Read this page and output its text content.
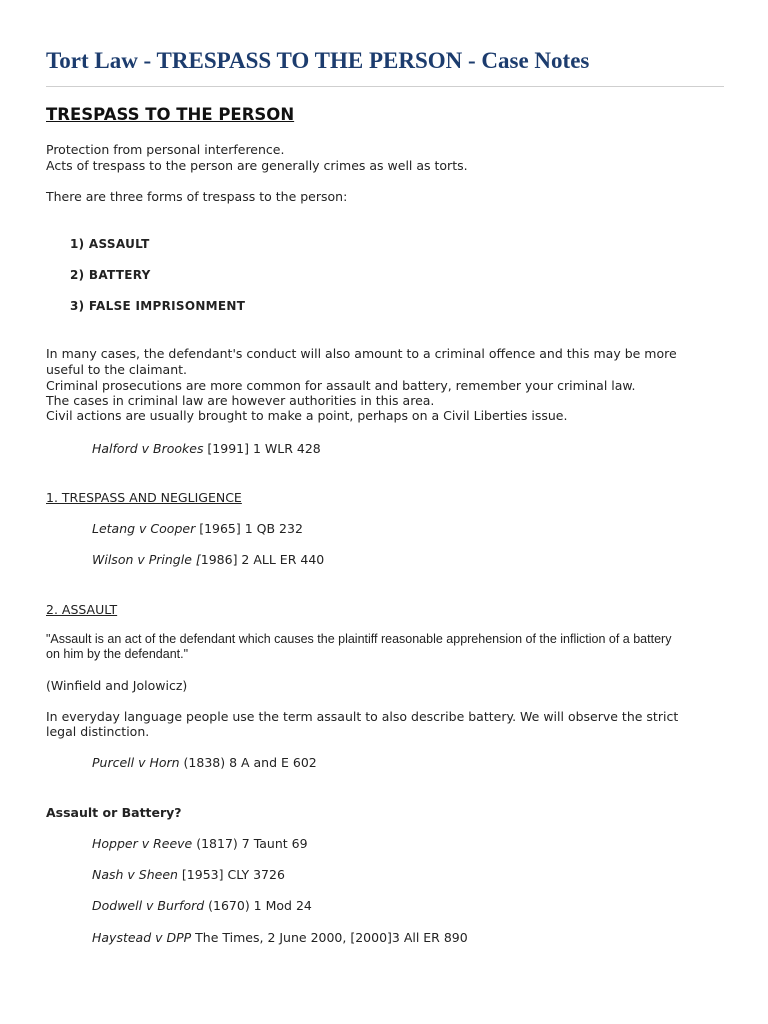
Tort Law - TRESPASS TO THE PERSON - Case Notes
TRESPASS TO THE PERSON
Protection from personal interference.
Acts of trespass to the person are generally crimes as well as torts.
There are three forms of trespass to the person:
1) ASSAULT
2) BATTERY
3) FALSE IMPRISONMENT
In many cases, the defendant's conduct will also amount to a criminal offence and this may be more
useful to the claimant.
Criminal prosecutions are more common for assault and battery, remember your criminal law.
The cases in criminal law are however authorities in this area.
Civil actions are usually brought to make a point, perhaps on a Civil Liberties issue.
Halford v Brookes [1991] 1 WLR 428
1. TRESPASS AND NEGLIGENCE
Letang v Cooper [1965] 1 QB 232
Wilson v Pringle [1986] 2 ALL ER 440
2. ASSAULT
"Assault is an act of the defendant which causes the plaintiff reasonable apprehension of the infliction of a battery
on him by the defendant."
(Winfield and Jolowicz)
In everyday language people use the term assault to also describe battery. We will observe the strict
legal distinction.
Purcell v Horn (1838) 8 A and E 602
Assault or Battery?
Hopper v Reeve (1817) 7 Taunt 69
Nash v Sheen [1953] CLY 3726
Dodwell v Burford (1670) 1 Mod 24
Haystead v DPP The Times, 2 June 2000, [2000]3 All ER 890
